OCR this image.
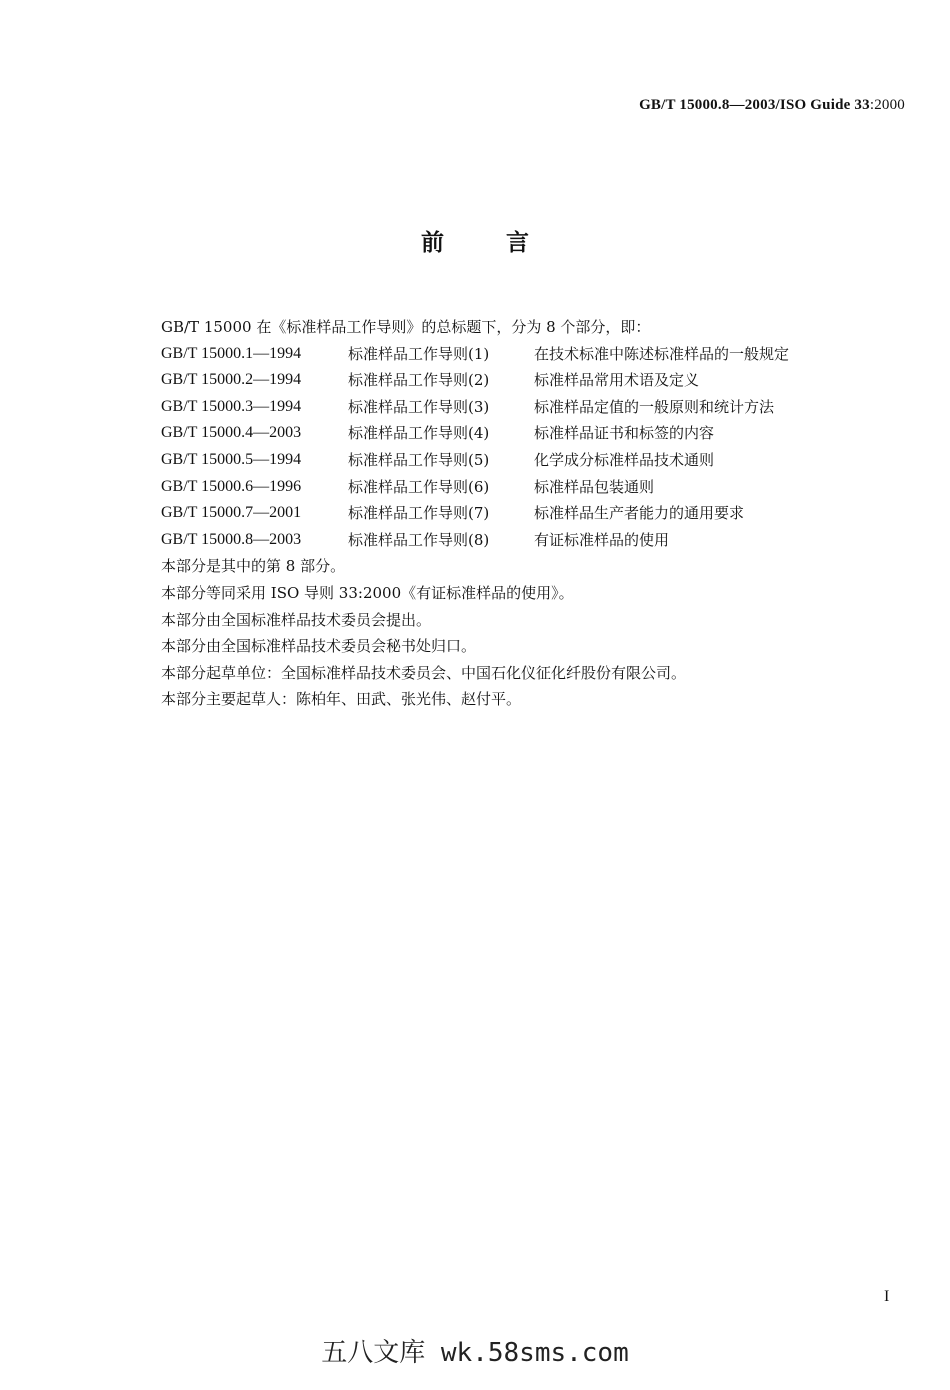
GB/T 15000.8—2003/ISO Guide 33:2000
前言
GB/T 15000 在《标准样品工作导则》的总标题下，分为 8 个部分，即：
GB/T 15000.1—1994	标准样品工作导则(1)	在技术标准中陈述标准样品的一般规定
GB/T 15000.2—1994	标准样品工作导则(2)	标准样品常用术语及定义
GB/T 15000.3—1994	标准样品工作导则(3)	标准样品定值的一般原则和统计方法
GB/T 15000.4—2003	标准样品工作导则(4)	标准样品证书和标签的内容
GB/T 15000.5—1994	标准样品工作导则(5)	化学成分标准样品技术通则
GB/T 15000.6—1996	标准样品工作导则(6)	标准样品包装通则
GB/T 15000.7—2001	标准样品工作导则(7)	标准样品生产者能力的通用要求
GB/T 15000.8—2003	标准样品工作导则(8)	有证标准样品的使用
本部分是其中的第 8 部分。
本部分等同采用 ISO 导则 33:2000《有证标准样品的使用》。
本部分由全国标准样品技术委员会提出。
本部分由全国标准样品技术委员会秘书处归口。
本部分起草单位：全国标准样品技术委员会、中国石化仪征化纤股份有限公司。
本部分主要起草人：陈柏年、田武、张光伟、赵付平。
I
五八文库 wk.58sms.com
